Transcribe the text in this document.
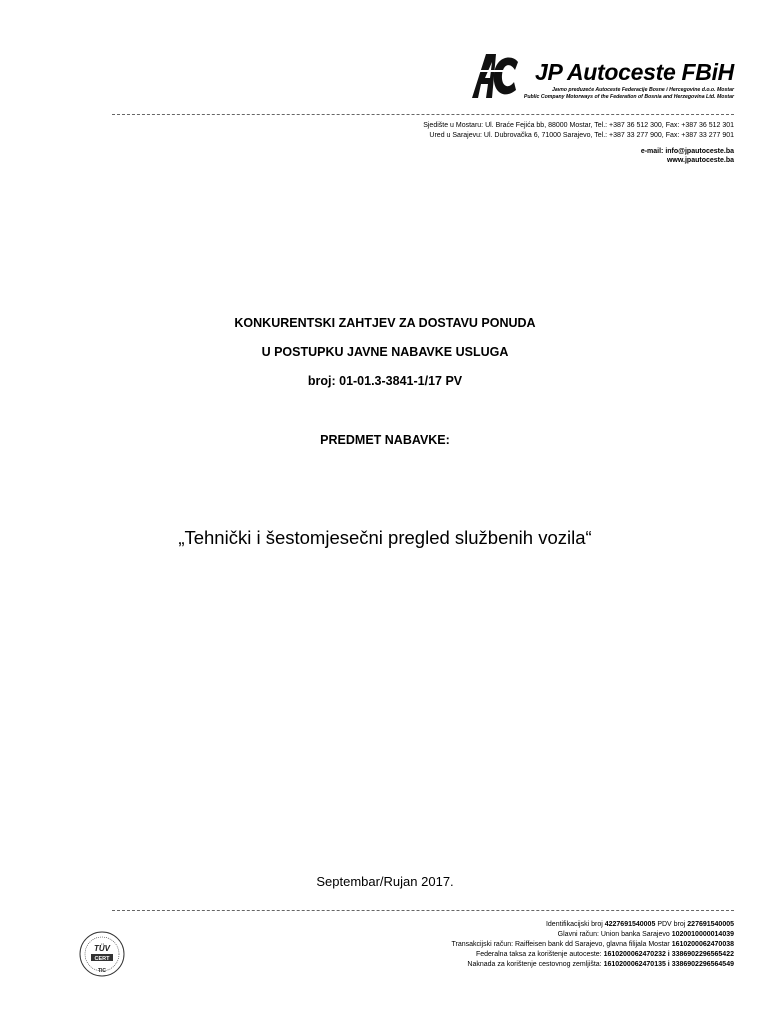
JP Autoceste FBiH
Javno preduzeće Autoceste Federacije Bosne i Hercegovine d.o.o. Mostar
Public Company Motorways of the Federation of Bosnia and Herzegovina Ltd. Mostar
Sjedište u Mostaru: Ul. Braće Fejića bb, 88000 Mostar, Tel.: +387 36 512 300, Fax: +387 36 512 301
Ured u Sarajevu: Ul. Dubrovačka 6, 71000 Sarajevo, Tel.: +387 33 277 900, Fax: +387 33 277 901
e-mail: info@jpautoceste.ba
www.jpautoceste.ba
KONKURENTSKI ZAHTJEV ZA DOSTAVU PONUDA
U POSTUPKU JAVNE NABAVKE USLUGA
broj: 01-01.3-3841-1/17 PV
PREDMET NABAVKE:
„Tehnički i šestomjesečni pregled službenih vozila“
Septembar/Rujan 2017.
TÜV
CERT
TIC
Identifikacijski broj 4227691540005 PDV broj 227691540005
Glavni račun: Union banka Sarajevo 1020010000014039
Transakcijski račun: Raiffeisen bank dd Sarajevo, glavna filijala Mostar 1610200062470038
Federalna taksa za korištenje autoceste: 1610200062470232 i 3386902296565422
Naknada za korištenje cestovnog zemljišta: 1610200062470135 i 3386902296564549
